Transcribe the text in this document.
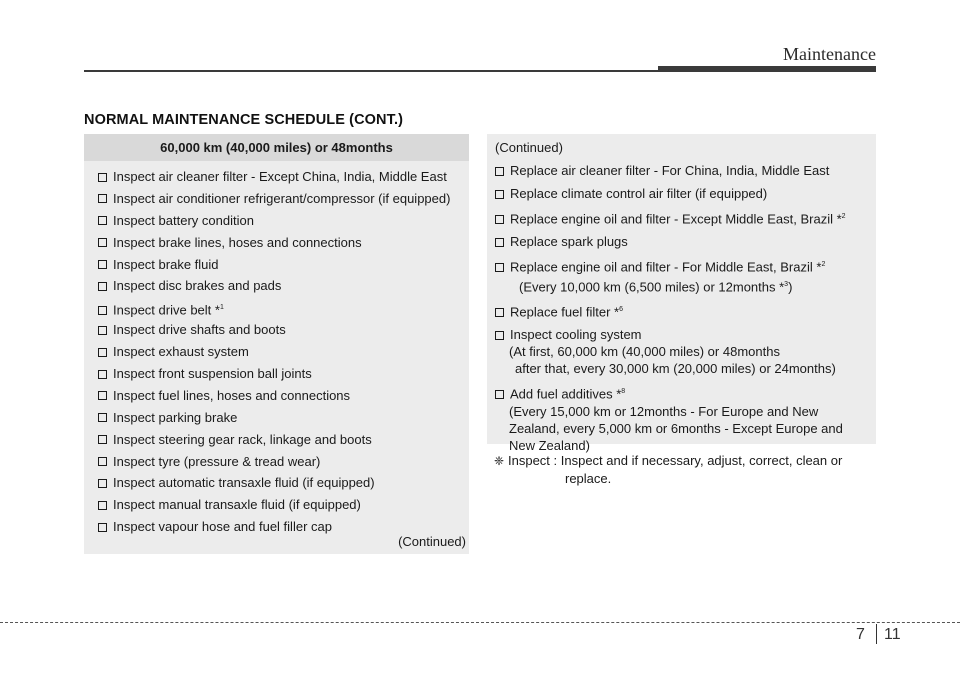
Maintenance
NORMAL MAINTENANCE SCHEDULE (CONT.)
60,000 km (40,000 miles) or 48months
Inspect air cleaner filter - Except China, India, Middle East
Inspect air conditioner refrigerant/compressor (if equipped)
Inspect battery condition
Inspect brake lines, hoses and connections
Inspect brake fluid
Inspect disc brakes and pads
Inspect drive belt *$^1$
Inspect drive shafts and boots
Inspect exhaust system
Inspect front suspension ball joints
Inspect fuel lines, hoses and connections
Inspect parking brake
Inspect steering gear rack, linkage and boots
Inspect tyre (pressure & tread wear)
Inspect automatic transaxle fluid (if equipped)
Inspect manual transaxle fluid (if equipped)
Inspect vapour hose and fuel filler cap
(Continued)
(Continued)
Replace air cleaner filter - For China, India, Middle East
Replace climate control air filter (if equipped)
Replace engine oil and filter - Except Middle East, Brazil *$^2$
Replace spark plugs
Replace engine oil and filter - For Middle East, Brazil *$^2$
(Every 10,000 km (6,500 miles) or 12months *$^3$)
Replace fuel filter *$^6$
Inspect cooling system
(At first, 60,000 km (40,000 miles) or 48months
after that, every 30,000 km (20,000 miles) or 24months)
Add fuel additives *$^8$
(Every 15,000 km or 12months - For Europe and New
Zealand, every 5,000 km or 6months - Except Europe and
New Zealand)
❈ Inspect : Inspect and if necessary, adjust, correct, clean or
replace.
7 11
